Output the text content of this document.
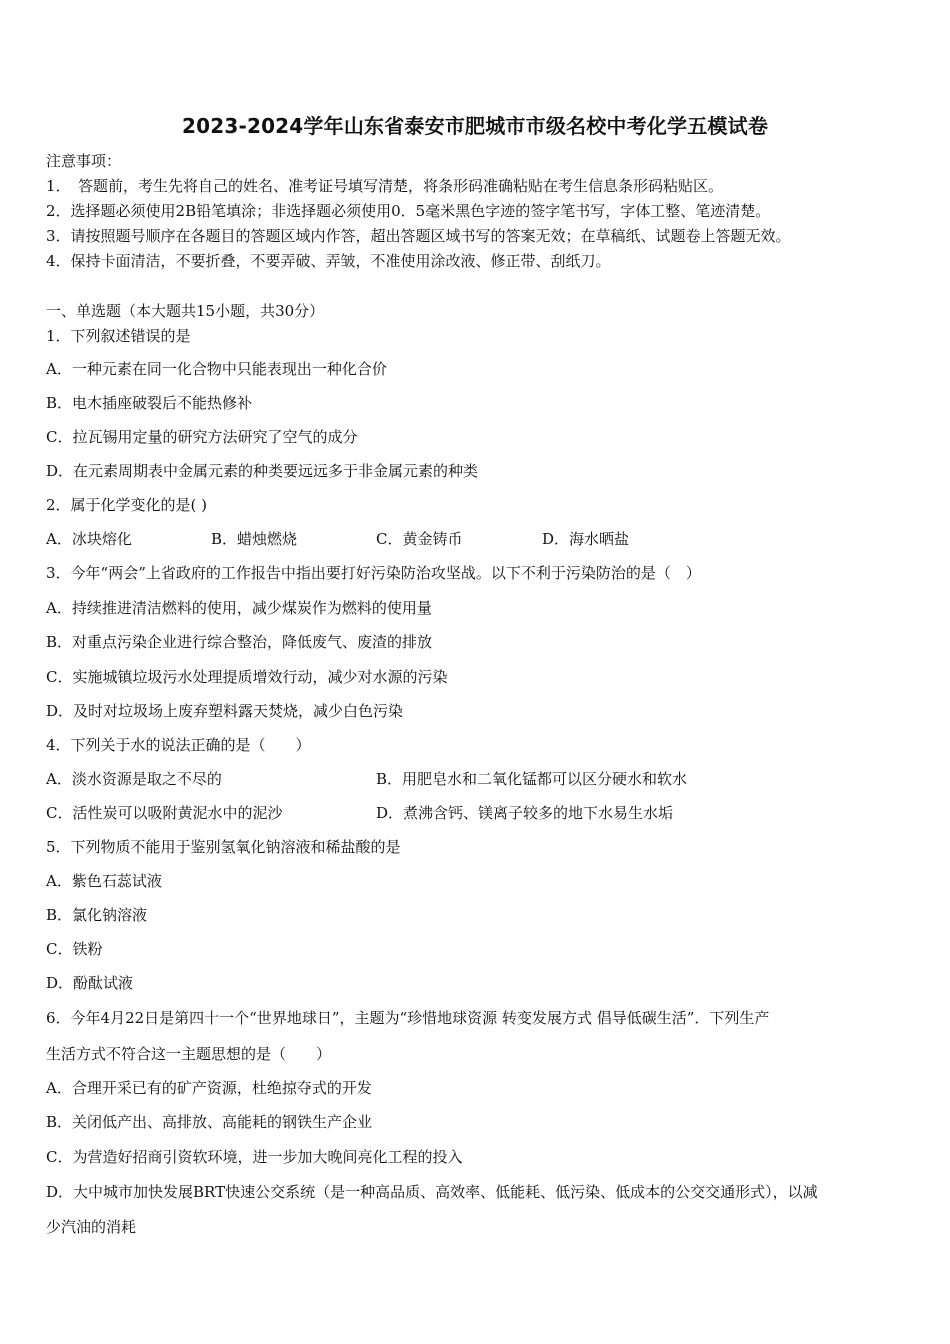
2023-2024学年山东省泰安市肥城市市级名校中考化学五模试卷
注意事项：
1．　答题前，考生先将自己的姓名、准考证号填写清楚，将条形码准确粘贴在考生信息条形码粘贴区。
2．选择题必须使用2B铅笔填涂；非选择题必须使用0．5毫米黑色字迹的签字笔书写，字体工整、笔迹清楚。
3．请按照题号顺序在各题目的答题区域内作答，超出答题区域书写的答案无效；在草稿纸、试题卷上答题无效。
4．保持卡面清洁，不要折叠，不要弄破、弄皱，不准使用涂改液、修正带、刮纸刀。
一、单选题（本大题共15小题，共30分）
1．下列叙述错误的是
A．一种元素在同一化合物中只能表现出一种化合价
B．电木插座破裂后不能热修补
C．拉瓦锡用定量的研究方法研究了空气的成分
D．在元素周期表中金属元素的种类要远远多于非金属元素的种类
2．属于化学变化的是( )
A．冰块熔化	B．蜡烛燃烧	C．黄金铸币	D．海水晒盐
3．今年“两会”上省政府的工作报告中指出要打好污染防治攻坚战。以下不利于污染防治的是（　）
A．持续推进清洁燃料的使用，减少煤炭作为燃料的使用量
B．对重点污染企业进行综合整治，降低废气、废渣的排放
C．实施城镇垃圾污水处理提质增效行动，减少对水源的污染
D．及时对垃圾场上废弃塑料露天焚烧，减少白色污染
4．下列关于水的说法正确的是（　　）
A．淡水资源是取之不尽的	B．用肥皂水和二氧化锰都可以区分硬水和软水
C．活性炭可以吸附黄泥水中的泥沙	D．煮沸含钙、镁离子较多的地下水易生水垢
5．下列物质不能用于鉴别氢氧化钠溶液和稀盐酸的是
A．紫色石蕊试液
B．氯化钠溶液
C．铁粉
D．酚酞试液
6．今年4月22日是第四十一个“世界地球日”，主题为“珍惜地球资源 转变发展方式 倡导低碳生活”．下列生产
生活方式不符合这一主题思想的是（　　）
A．合理开采已有的矿产资源，杜绝掠夺式的开发
B．关闭低产出、高排放、高能耗的钢铁生产企业
C．为营造好招商引资软环境，进一步加大晚间亮化工程的投入
D．大中城市加快发展BRT快速公交系统（是一种高品质、高效率、低能耗、低污染、低成本的公交交通形式），以减
少汽油的消耗
